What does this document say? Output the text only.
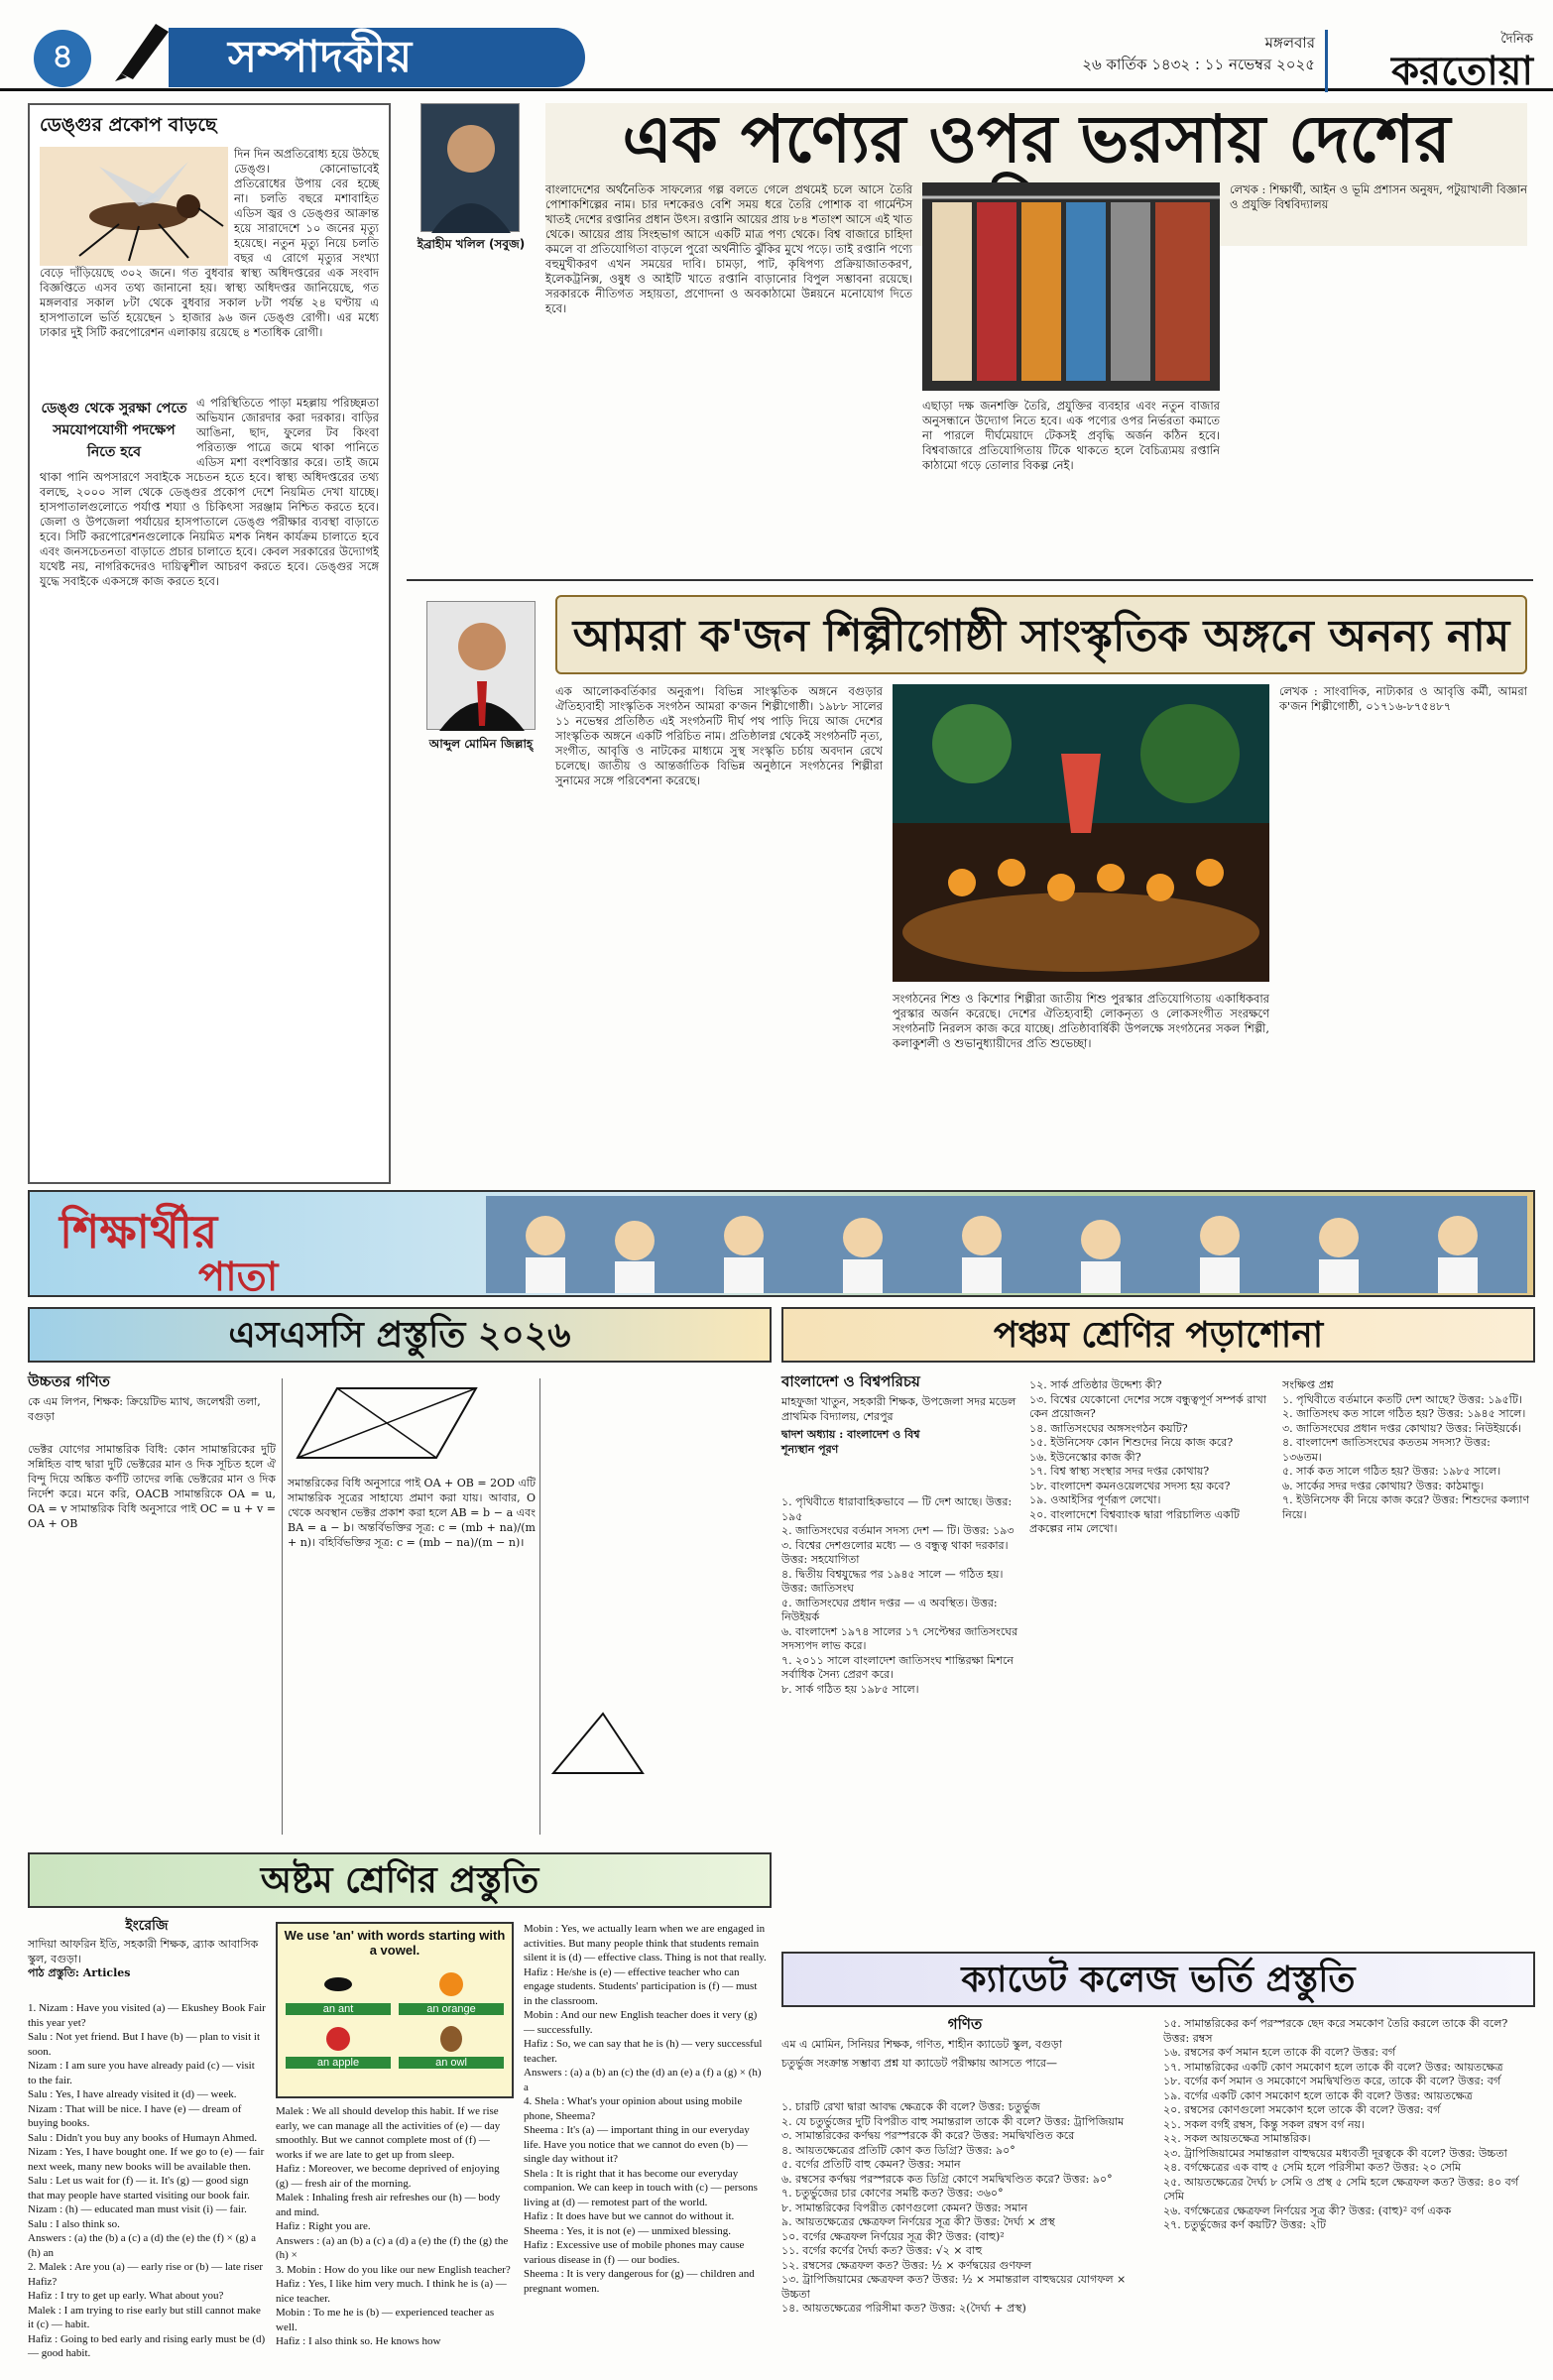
৪	সম্পাদকীয়	মঙ্গলবার
২৬ কার্তিক ১৪৩২ : ১১ নভেম্বর ২০২৫
দৈনিক
করতোয়া
ডেঙ্গুর প্রকোপ বাড়ছে
দিন দিন অপ্রতিরোধ্য হয়ে উঠছে ডেঙ্গু। কোনোভাবেই প্রতিরোধের উপায় বের হচ্ছে না। চলতি বছরে মশাবাহিত এডিস জ্বর ও ডেঙ্গুর আক্রান্ত হয়ে সারাদেশে ১০ জনের মৃত্যু হয়েছে। নতুন মৃত্যু নিয়ে চলতি বছর এ রোগে মৃত্যুর সংখ্যা বেড়ে দাঁড়িয়েছে ৩০২ জনে। গত বুধবার স্বাস্থ্য অধিদপ্তরের এক সংবাদ বিজ্ঞপ্তিতে এসব তথ্য জানানো হয়। স্বাস্থ্য অধিদপ্তর জানিয়েছে, গত মঙ্গলবার সকাল ৮টা থেকে বুধবার সকাল ৮টা পর্যন্ত ২৪ ঘণ্টায় এ হাসপাতালে ভর্তি হয়েছেন ১ হাজার ৯৬ জন ডেঙ্গু রোগী। এর মধ্যে ঢাকার দুই সিটি করপোরেশন এলাকায় রয়েছে ৪ শতাধিক রোগী।
ডেঙ্গু থেকে সুরক্ষা পেতে সমযোপযোগী পদক্ষেপ নিতে হবে
এ পরিস্থিতিতে পাড়া মহল্লায় পরিচ্ছন্নতা অভিযান জোরদার করা দরকার। বাড়ির আঙিনা, ছাদ, ফুলের টব কিংবা পরিত্যক্ত পাত্রে জমে থাকা পানিতে এডিস মশা বংশবিস্তার করে। তাই জমে থাকা পানি অপসারণে সবাইকে সচেতন হতে হবে। স্বাস্থ্য অধিদপ্তরের তথ্য বলছে, ২০০০ সাল থেকে ডেঙ্গুর প্রকোপ দেশে নিয়মিত দেখা যাচ্ছে। হাসপাতালগুলোতে পর্যাপ্ত শয্যা ও চিকিৎসা সরঞ্জাম নিশ্চিত করতে হবে। জেলা ও উপজেলা পর্যায়ের হাসপাতালে ডেঙ্গু পরীক্ষার ব্যবস্থা বাড়াতে হবে। সিটি করপোরেশনগুলোকে নিয়মিত মশক নিধন কার্যক্রম চালাতে হবে এবং জনসচেতনতা বাড়াতে প্রচার চালাতে হবে। কেবল সরকারের উদ্যোগই যথেষ্ট নয়, নাগরিকদেরও দায়িত্বশীল আচরণ করতে হবে। ডেঙ্গুর সঙ্গে যুদ্ধে সবাইকে একসঙ্গে কাজ করতে হবে।
ইব্রাহীম খলিল (সবুজ)
এক পণ্যের ওপর ভরসায় দেশের
বাংলাদেশের অর্থনৈতিক সাফল্যের গল্প বলতে গেলে প্রথমেই চলে আসে তৈরি পোশাকশিল্পের নাম। চার দশকেরও বেশি সময় ধরে তৈরি পোশাক বা গার্মেন্টস খাতই দেশের রপ্তানির প্রধান উৎস। রপ্তানি আয়ের প্রায় ৮৪ শতাংশ আসে এই খাত থেকে। আয়ের প্রায় সিংহভাগ আসে একটি মাত্র পণ্য থেকে। বিশ্ব বাজারে চাহিদা কমলে বা প্রতিযোগিতা বাড়লে পুরো অর্থনীতি ঝুঁকির মুখে পড়ে। তাই রপ্তানি পণ্যে বহুমুখীকরণ এখন সময়ের দাবি। চামড়া, পাট, কৃষিপণ্য প্রক্রিয়াজাতকরণ, ইলেকট্রনিক্স, ওষুধ ও আইটি খাতে রপ্তানি বাড়ানোর বিপুল সম্ভাবনা রয়েছে। সরকারকে নীতিগত সহায়তা, প্রণোদনা ও অবকাঠামো উন্নয়নে মনোযোগ দিতে হবে।
এছাড়া দক্ষ জনশক্তি তৈরি, প্রযুক্তির ব্যবহার এবং নতুন বাজার অনুসন্ধানে উদ্যোগ নিতে হবে। এক পণ্যের ওপর নির্ভরতা কমাতে না পারলে দীর্ঘমেয়াদে টেকসই প্রবৃদ্ধি অর্জন কঠিন হবে। বিশ্ববাজারে প্রতিযোগিতায় টিকে থাকতে হলে বৈচিত্র্যময় রপ্তানি কাঠামো গড়ে তোলার বিকল্প নেই।
লেখক : শিক্ষার্থী, আইন ও ভূমি প্রশাসন অনুষদ, পটুয়াখালী বিজ্ঞান ও প্রযুক্তি বিশ্ববিদ্যালয়
আব্দুল মোমিন জিল্লাহ্
আমরা ক'জন শিল্পীগোষ্ঠী সাংস্কৃতিক অঙ্গনে অনন্য নাম
এক আলোকবর্তিকার অনুরূপ। বিভিন্ন সাংস্কৃতিক অঙ্গনে বগুড়ার ঐতিহ্যবাহী সাংস্কৃতিক সংগঠন আমরা ক'জন শিল্পীগোষ্ঠী। ১৯৮৮ সালের ১১ নভেম্বর প্রতিষ্ঠিত এই সংগঠনটি দীর্ঘ পথ পাড়ি দিয়ে আজ দেশের সাংস্কৃতিক অঙ্গনে একটি পরিচিত নাম। প্রতিষ্ঠালগ্ন থেকেই সংগঠনটি নৃত্য, সংগীত, আবৃত্তি ও নাটকের মাধ্যমে সুস্থ সংস্কৃতি চর্চায় অবদান রেখে চলেছে। জাতীয় ও আন্তর্জাতিক বিভিন্ন অনুষ্ঠানে সংগঠনের শিল্পীরা সুনামের সঙ্গে পরিবেশনা করেছে।
সংগঠনের শিশু ও কিশোর শিল্পীরা জাতীয় শিশু পুরস্কার প্রতিযোগিতায় একাধিকবার পুরস্কার অর্জন করেছে। দেশের ঐতিহ্যবাহী লোকনৃত্য ও লোকসংগীত সংরক্ষণে সংগঠনটি নিরলস কাজ করে যাচ্ছে। প্রতিষ্ঠাবার্ষিকী উপলক্ষে সংগঠনের সকল শিল্পী, কলাকুশলী ও শুভানুধ্যায়ীদের প্রতি শুভেচ্ছা।
লেখক : সাংবাদিক, নাট্যকার ও আবৃত্তি কর্মী, আমরা ক'জন শিল্পীগোষ্ঠী, ০১৭১৬-৮৭৫৪৮৭
শিক্ষার্থীর
পাতা
এসএসসি প্রস্তুতি ২০২৬
উচ্চতর গণিত
কে এম লিপন, শিক্ষক: ক্রিয়েটিভ ম্যাথ, জলেশ্বরী তলা, বগুড়া
ভেক্টর যোগের সামান্তরিক বিধি: কোন সামান্তরিকের দুটি সন্নিহিত বাহু দ্বারা দুটি ভেক্টরের মান ও দিক সূচিত হলে ঐ বিন্দু দিয়ে অঙ্কিত কর্ণটি তাদের লব্ধি ভেক্টরের মান ও দিক নির্দেশ করে। মনে করি, OACB সামান্তরিকে OA = u, OA = v সামান্তরিক বিধি অনুসারে পাই OC = u + v = OA + OB
সমান্তরিকের বিধি অনুসারে পাই OA + OB = 2OD এটি সামান্তরিক সূত্রের সাহায্যে প্রমাণ করা যায়। আবার, O থেকে অবস্থান ভেক্টর প্রকাশ করা হলে AB = b − a এবং BA = a − b। অন্তর্বিভক্তির সূত্র: c = (mb + na)/(m + n)। বহির্বিভক্তির সূত্র: c = (mb − na)/(m − n)।
পঞ্চম শ্রেণির পড়াশোনা
বাংলাদেশ ও বিশ্বপরিচয়
মাহফুজা খাতুন, সহকারী শিক্ষক, উপজেলা সদর মডেল প্রাথমিক বিদ্যালয়, শেরপুর
দ্বাদশ অধ্যায় : বাংলাদেশ ও বিশ্ব
শূন্যস্থান পূরণ
১. পৃথিবীতে ধারাবাহিকভাবে — টি দেশ আছে। উত্তর: ১৯৫
২. জাতিসংঘের বর্তমান সদস্য দেশ — টি। উত্তর: ১৯৩
৩. বিশ্বের দেশগুলোর মধ্যে — ও বন্ধুত্ব থাকা দরকার। উত্তর: সহযোগিতা
৪. দ্বিতীয় বিশ্বযুদ্ধের পর ১৯৪৫ সালে — গঠিত হয়। উত্তর: জাতিসংঘ
৫. জাতিসংঘের প্রধান দপ্তর — এ অবস্থিত। উত্তর: নিউইয়র্ক
৬. বাংলাদেশ ১৯৭৪ সালের ১৭ সেপ্টেম্বর জাতিসংঘের সদস্যপদ লাভ করে।
৭. ২০১১ সালে বাংলাদেশ জাতিসংঘ শান্তিরক্ষা মিশনে সর্বাধিক সৈন্য প্রেরণ করে।
৮. সার্ক গঠিত হয় ১৯৮৫ সালে।
১২. সার্ক প্রতিষ্ঠার উদ্দেশ্য কী?
১৩. বিশ্বের যেকোনো দেশের সঙ্গে বন্ধুত্বপূর্ণ সম্পর্ক রাখা কেন প্রয়োজন?
১৪. জাতিসংঘের অঙ্গসংগঠন কয়টি?
১৫. ইউনিসেফ কোন শিশুদের নিয়ে কাজ করে?
১৬. ইউনেস্কোর কাজ কী?
১৭. বিশ্ব স্বাস্থ্য সংস্থার সদর দপ্তর কোথায়?
১৮. বাংলাদেশ কমনওয়েলথের সদস্য হয় কবে?
১৯. ওআইসির পূর্ণরূপ লেখো।
২০. বাংলাদেশে বিশ্বব্যাংক দ্বারা পরিচালিত একটি প্রকল্পের নাম লেখো।
সংক্ষিপ্ত প্রশ্ন
১. পৃথিবীতে বর্তমানে কতটি দেশ আছে? উত্তর: ১৯৫টি।
২. জাতিসংঘ কত সালে গঠিত হয়? উত্তর: ১৯৪৫ সালে।
৩. জাতিসংঘের প্রধান দপ্তর কোথায়? উত্তর: নিউইয়র্কে।
৪. বাংলাদেশ জাতিসংঘের কততম সদস্য? উত্তর: ১৩৬তম।
৫. সার্ক কত সালে গঠিত হয়? উত্তর: ১৯৮৫ সালে।
৬. সার্কের সদর দপ্তর কোথায়? উত্তর: কাঠমান্ডু।
৭. ইউনিসেফ কী নিয়ে কাজ করে? উত্তর: শিশুদের কল্যাণ নিয়ে।
অষ্টম শ্রেণির প্রস্তুতি
ইংরেজি
সাদিয়া আফরিন ইতি, সহকারী শিক্ষক, ব্র্যাক আবাসিক স্কুল, বগুড়া।
পাঠ প্রস্তুতি: Articles
1. Nizam : Have you visited (a) — Ekushey Book Fair this year yet?
Salu : Not yet friend. But I have (b) — plan to visit it soon.
Nizam : I am sure you have already paid (c) — visit to the fair.
Salu : Yes, I have already visited it (d) — week.
Nizam : That will be nice. I have (e) — dream of buying books.
Salu : Didn't you buy any books of Humayn Ahmed.
Nizam : Yes, I have bought one. If we go to (e) — fair next week, many new books will be available then.
Salu : Let us wait for (f) — it. It's (g) — good sign that may people have started visiting our book fair.
Nizam : (h) — educated man must visit (i) — fair.
Salu : I also think so.
Answers : (a) the (b) a (c) a (d) the (e) the (f) × (g) a (h) an
2. Malek : Are you (a) — early rise or (b) — late riser Hafiz?
Hafiz : I try to get up early. What about you?
Malek : I am trying to rise early but still cannot make it (c) — habit.
Hafiz : Going to bed early and rising early must be (d) — good habit.
We use 'an' with words starting with a vowel.
an ant	an orange
an apple	an owl
Malek : We all should develop this habit. If we rise early, we can manage all the activities of (e) — day smoothly. But we cannot complete most of (f) — works if we are late to get up from sleep.
Hafiz : Moreover, we become deprived of enjoying (g) — fresh air of the morning.
Malek : Inhaling fresh air refreshes our (h) — body and mind.
Hafiz : Right you are.
Answers : (a) an (b) a (c) a (d) a (e) the (f) the (g) the (h) ×
3. Mobin : How do you like our new English teacher?
Hafiz : Yes, I like him very much. I think he is (a) — nice teacher.
Mobin : To me he is (b) — experienced teacher as well.
Hafiz : I also think so. He knows how
Mobin : Yes, we actually learn when we are engaged in activities. But many people think that students remain silent it is (d) — effective class. Thing is not that really.
Hafiz : He/she is (e) — effective teacher who can engage students. Students' participation is (f) — must in the classroom.
Mobin : And our new English teacher does it very (g) — successfully.
Hafiz : So, we can say that he is (h) — very successful teacher.
Answers : (a) a (b) an (c) the (d) an (e) a (f) a (g) × (h) a
4. Shela : What's your opinion about using mobile phone, Sheema?
Sheema : It's (a) — important thing in our everyday life. Have you notice that we cannot do even (b) — single day without it?
Shela : It is right that it has become our everyday companion. We can keep in touch with (c) — persons living at (d) — remotest part of the world.
Hafiz : It does have but we cannot do without it.
Sheema : Yes, it is not (e) — unmixed blessing.
Hafiz : Excessive use of mobile phones may cause various disease in (f) — our bodies.
Sheema : It is very dangerous for (g) — children and pregnant women.
ক্যাডেট কলেজ ভর্তি প্রস্তুতি
গণিত
এম এ মোমিন, সিনিয়র শিক্ষক, গণিত, শাহীন ক্যাডেট স্কুল, বগুড়া
চতুর্ভুজ সংক্রান্ত সম্ভাব্য প্রশ্ন যা ক্যাডেট পরীক্ষায় আসতে পারে—
১. চারটি রেখা দ্বারা আবদ্ধ ক্ষেত্রকে কী বলে? উত্তর: চতুর্ভুজ
২. যে চতুর্ভুজের দুটি বিপরীত বাহু সমান্তরাল তাকে কী বলে? উত্তর: ট্রাপিজিয়াম
৩. সামান্তরিকের কর্ণদ্বয় পরস্পরকে কী করে? উত্তর: সমদ্বিখণ্ডিত করে
৪. আয়তক্ষেত্রের প্রতিটি কোণ কত ডিগ্রি? উত্তর: ৯০°
৫. বর্গের প্রতিটি বাহু কেমন? উত্তর: সমান
৬. রম্বসের কর্ণদ্বয় পরস্পরকে কত ডিগ্রি কোণে সমদ্বিখণ্ডিত করে? উত্তর: ৯০°
৭. চতুর্ভুজের চার কোণের সমষ্টি কত? উত্তর: ৩৬০°
৮. সামান্তরিকের বিপরীত কোণগুলো কেমন? উত্তর: সমান
৯. আয়তক্ষেত্রের ক্ষেত্রফল নির্ণয়ের সূত্র কী? উত্তর: দৈর্ঘ্য × প্রস্থ
১০. বর্গের ক্ষেত্রফল নির্ণয়ের সূত্র কী? উত্তর: (বাহু)²
১১. বর্গের কর্ণের দৈর্ঘ্য কত? উত্তর: √২ × বাহু
১২. রম্বসের ক্ষেত্রফল কত? উত্তর: ½ × কর্ণদ্বয়ের গুণফল
১৩. ট্রাপিজিয়ামের ক্ষেত্রফল কত? উত্তর: ½ × সমান্তরাল বাহুদ্বয়ের যোগফল × উচ্চতা
১৪. আয়তক্ষেত্রের পরিসীমা কত? উত্তর: ২(দৈর্ঘ্য + প্রস্থ)
১৫. সামান্তরিকের কর্ণ পরস্পরকে ছেদ করে সমকোণ তৈরি করলে তাকে কী বলে? উত্তর: রম্বস
১৬. রম্বসের কর্ণ সমান হলে তাকে কী বলে? উত্তর: বর্গ
১৭. সামান্তরিকের একটি কোণ সমকোণ হলে তাকে কী বলে? উত্তর: আয়তক্ষেত্র
১৮. বর্গের কর্ণ সমান ও সমকোণে সমদ্বিখণ্ডিত করে, তাকে কী বলে? উত্তর: বর্গ
১৯. বর্গের একটি কোণ সমকোণ হলে তাকে কী বলে? উত্তর: আয়তক্ষেত্র
২০. রম্বসের কোণগুলো সমকোণ হলে তাকে কী বলে? উত্তর: বর্গ
২১. সকল বর্গই রম্বস, কিন্তু সকল রম্বস বর্গ নয়।
২২. সকল আয়তক্ষেত্র সামান্তরিক।
২৩. ট্রাপিজিয়ামের সমান্তরাল বাহুদ্বয়ের মধ্যবর্তী দূরত্বকে কী বলে? উত্তর: উচ্চতা
২৪. বর্গক্ষেত্রের এক বাহু ৫ সেমি হলে পরিসীমা কত? উত্তর: ২০ সেমি
২৫. আয়তক্ষেত্রের দৈর্ঘ্য ৮ সেমি ও প্রস্থ ৫ সেমি হলে ক্ষেত্রফল কত? উত্তর: ৪০ বর্গ সেমি
২৬. বর্গক্ষেত্রের ক্ষেত্রফল নির্ণয়ের সূত্র কী? উত্তর: (বাহু)² বর্গ একক
২৭. চতুর্ভুজের কর্ণ কয়টি? উত্তর: ২টি
